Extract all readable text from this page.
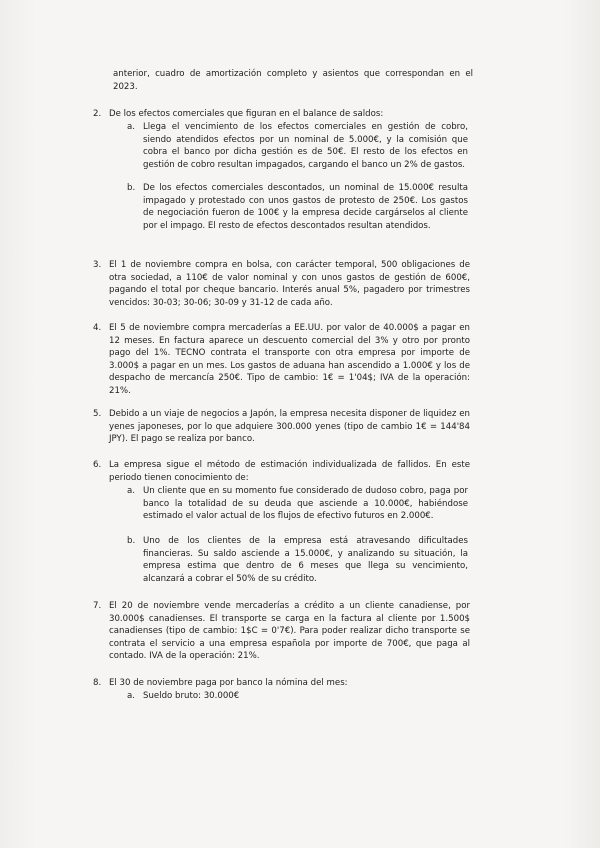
anterior, cuadro de amortización completo y asientos que correspondan en el 2023.
2. De los efectos comerciales que figuran en el balance de saldos:
a. Llega el vencimiento de los efectos comerciales en gestión de cobro, siendo atendidos efectos por un nominal de 5.000€, y la comisión que cobra el banco por dicha gestión es de 50€. El resto de los efectos en gestión de cobro resultan impagados, cargando el banco un 2% de gastos.
b. De los efectos comerciales descontados, un nominal de 15.000€ resulta impagado y protestado con unos gastos de protesto de 250€. Los gastos de negociación fueron de 100€ y la empresa decide cargárselos al cliente por el impago. El resto de efectos descontados resultan atendidos.
3. El 1 de noviembre compra en bolsa, con carácter temporal, 500 obligaciones de otra sociedad, a 110€ de valor nominal y con unos gastos de gestión de 600€, pagando el total por cheque bancario. Interés anual 5%, pagadero por trimestres vencidos: 30-03; 30-06; 30-09 y 31-12 de cada año.
4. El 5 de noviembre compra mercaderías a EE.UU. por valor de 40.000$ a pagar en 12 meses. En factura aparece un descuento comercial del 3% y otro por pronto pago del 1%. TECNO contrata el transporte con otra empresa por importe de 3.000$ a pagar en un mes. Los gastos de aduana han ascendido a 1.000€ y los de despacho de mercancía 250€. Tipo de cambio: 1€ = 1'04$; IVA de la operación: 21%.
5. Debido a un viaje de negocios a Japón, la empresa necesita disponer de liquidez en yenes japoneses, por lo que adquiere 300.000 yenes (tipo de cambio 1€ = 144'84 JPY). El pago se realiza por banco.
6. La empresa sigue el método de estimación individualizada de fallidos. En este periodo tienen conocimiento de:
a. Un cliente que en su momento fue considerado de dudoso cobro, paga por banco la totalidad de su deuda que asciende a 10.000€, habiéndose estimado el valor actual de los flujos de efectivo futuros en 2.000€.
b. Uno de los clientes de la empresa está atravesando dificultades financieras. Su saldo asciende a 15.000€, y analizando su situación, la empresa estima que dentro de 6 meses que llega su vencimiento, alcanzará a cobrar el 50% de su crédito.
7. El 20 de noviembre vende mercaderías a crédito a un cliente canadiense, por 30.000$ canadienses. El transporte se carga en la factura al cliente por 1.500$ canadienses (tipo de cambio: 1$C = 0'7€). Para poder realizar dicho transporte se contrata el servicio a una empresa española por importe de 700€, que paga al contado. IVA de la operación: 21%.
8. El 30 de noviembre paga por banco la nómina del mes:
a. Sueldo bruto: 30.000€
